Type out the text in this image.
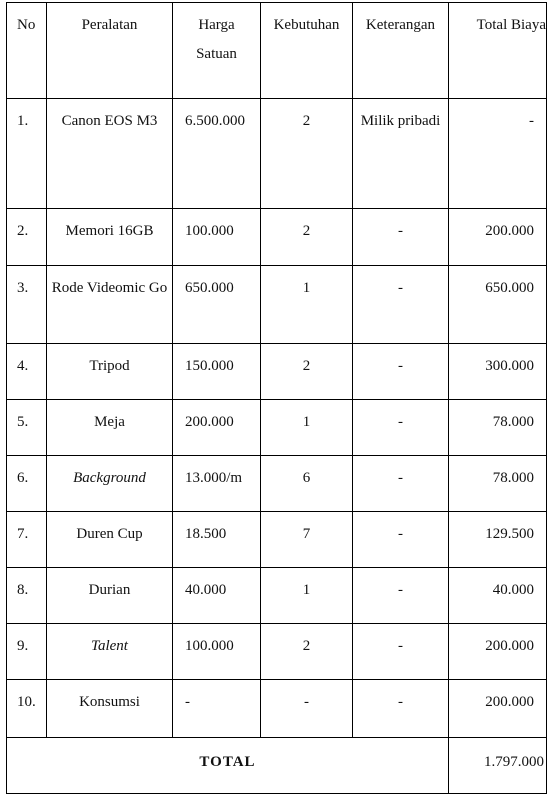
No	Peralatan	Harga Satuan	Kebutuhan	Keterangan	Total Biaya
1.	Canon EOS M3	6.500.000	2	Milik pribadi	-
2.	Memori 16GB	100.000	2	-	200.000
3.	Rode Videomic Go	650.000	1	-	650.000
4.	Tripod	150.000	2	-	300.000
5.	Meja	200.000	1	-	78.000
6.	Background	13.000/m	6	-	78.000
7.	Duren Cup	18.500	7	-	129.500
8.	Durian	40.000	1	-	40.000
9.	Talent	100.000	2	-	200.000
10.	Konsumsi	-	-	-	200.000
TOTAL					1.797.000
